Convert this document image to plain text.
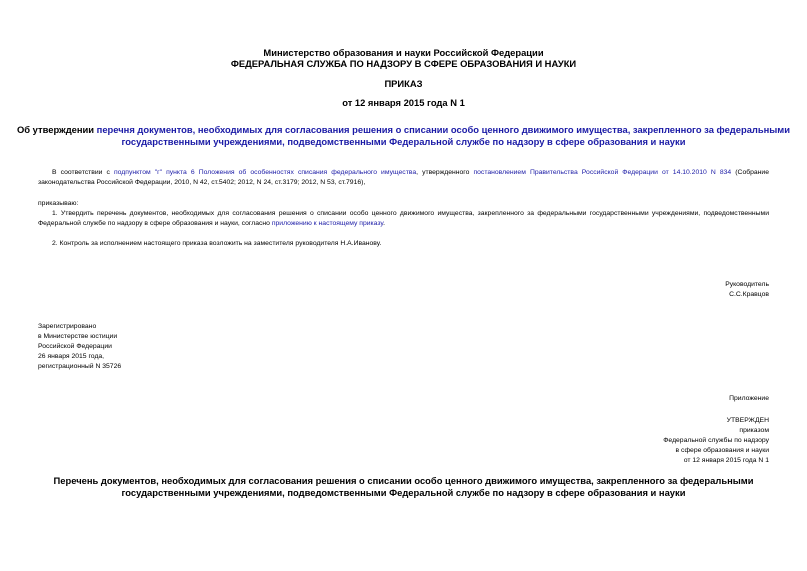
Министерство образования и науки Российской Федерации
ФЕДЕРАЛЬНАЯ СЛУЖБА ПО НАДЗОРУ В СФЕРЕ ОБРАЗОВАНИЯ И НАУКИ
ПРИКАЗ
от 12 января 2015 года N 1
Об утверждении перечня документов, необходимых для согласования решения о списании особо ценного движимого имущества, закрепленного за федеральными
государственными учреждениями, подведомственными Федеральной службе по надзору в сфере образования и науки
В соответствии с подпунктом "г" пункта 6 Положения об особенностях списания федерального имущества, утвержденного постановлением Правительства Российской Федерации от 14.10.2010 N 834 (Собрание законодательства Российской Федерации, 2010, N 42, ст.5402; 2012, N 24, ст.3179; 2012, N 53, ст.7916),
приказываю:
1. Утвердить перечень документов, необходимых для согласования решения о списании особо ценного движимого имущества, закрепленного за федеральными государственными учреждениями, подведомственными Федеральной службе по надзору в сфере образования и науки, согласно приложению к настоящему приказу.
2. Контроль за исполнением настоящего приказа возложить на заместителя руководителя Н.А.Иванову.
Руководитель
С.С.Кравцов
Зарегистрировано
в Министерстве юстиции
Российской Федерации
26 января 2015 года,
регистрационный N 35726
Приложение
УТВЕРЖДЕН
приказом
Федеральной службы по надзору
в сфере образования и науки
от 12 января 2015 года N 1
Перечень документов, необходимых для согласования решения о списании особо ценного движимого имущества, закрепленного за федеральными
государственными учреждениями, подведомственными Федеральной службе по надзору в сфере образования и науки
